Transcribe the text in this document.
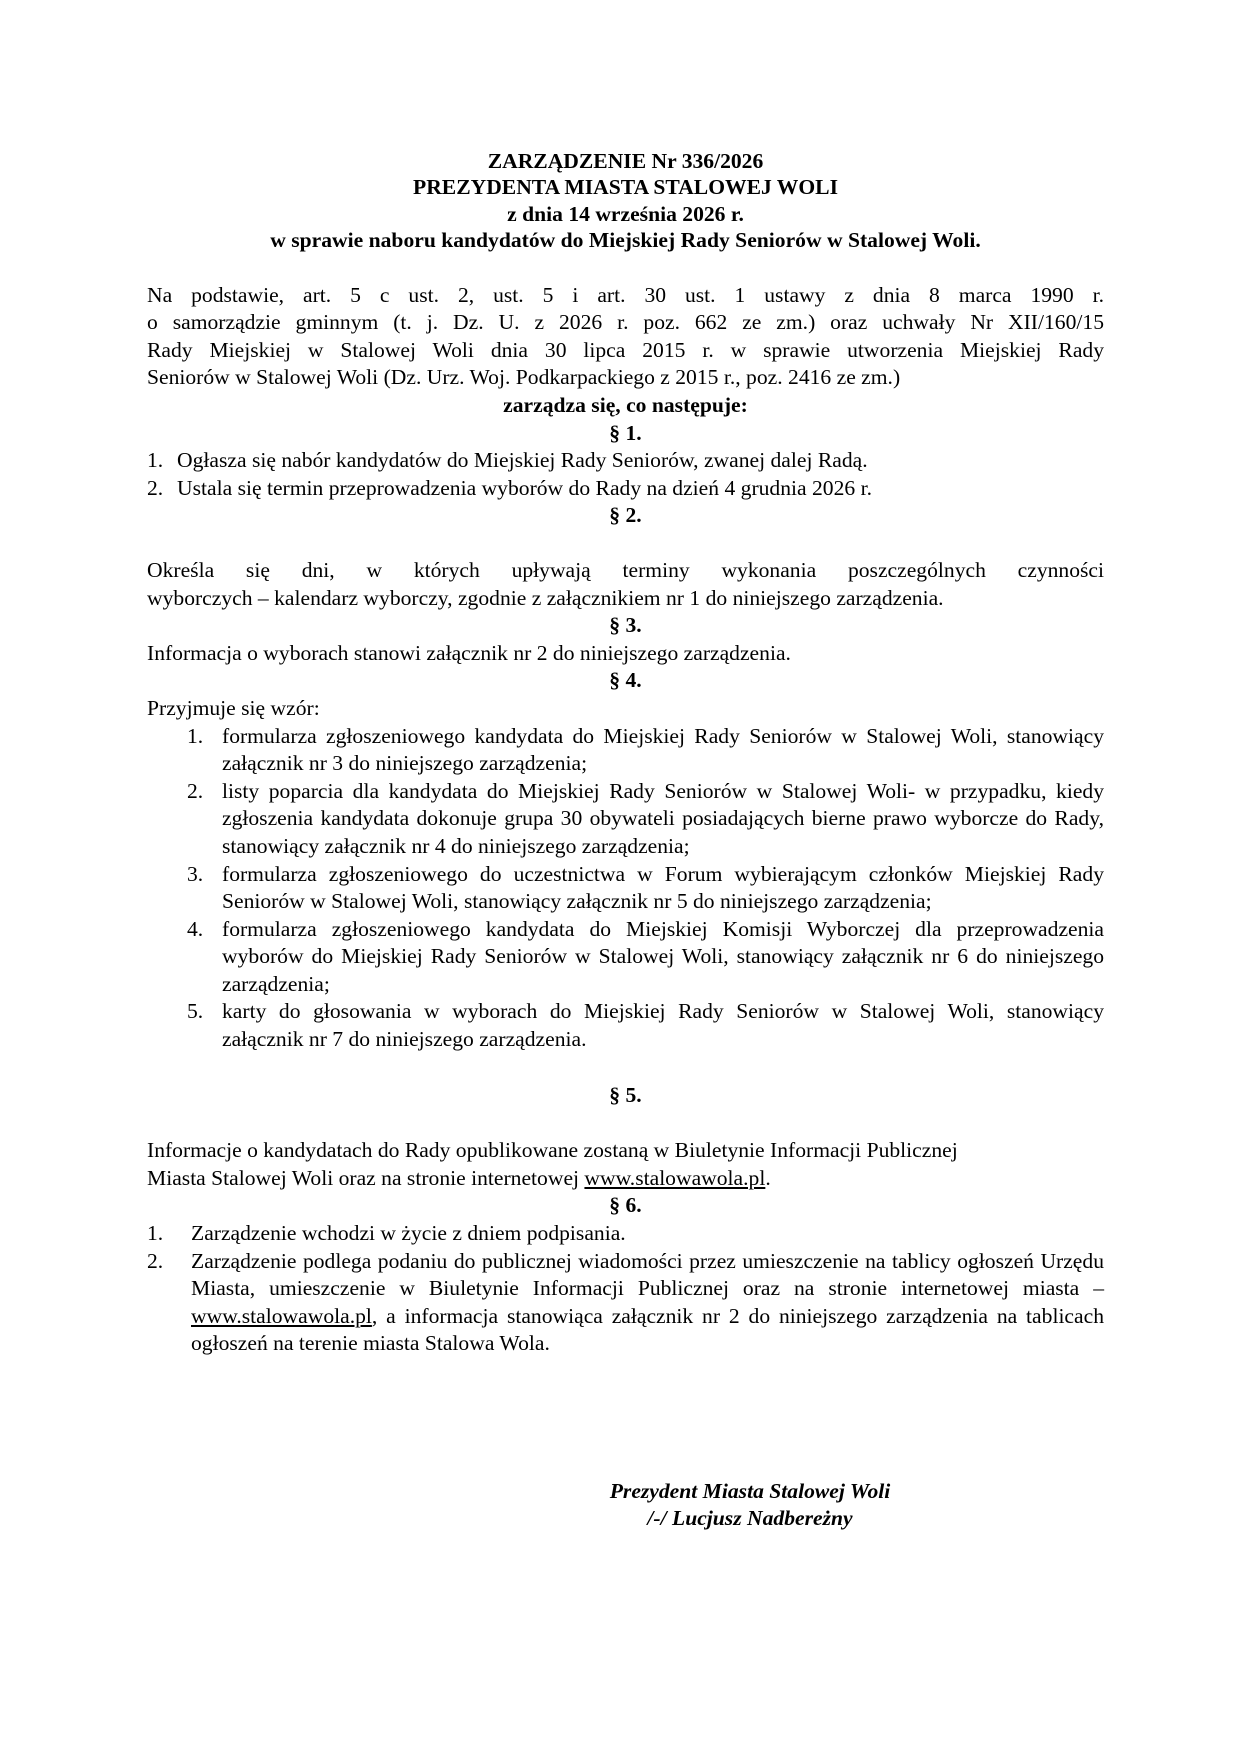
ZARZĄDZENIE Nr 336/2026
PREZYDENTA MIASTA STALOWEJ WOLI
z dnia 14 września 2026 r.
w sprawie naboru kandydatów do Miejskiej Rady Seniorów w Stalowej Woli.

Na podstawie, art. 5 c ust. 2, ust. 5 i art. 30 ust. 1 ustawy z dnia 8 marca 1990 r.

o samorządzie gminnym (t. j. Dz. U. z 2026 r. poz. 662 ze zm.) oraz uchwały Nr XII/160/15

Rady Miejskiej w Stalowej Woli dnia 30 lipca 2015 r. w sprawie utworzenia Miejskiej Rady

Seniorów w Stalowej Woli (Dz. Urz. Woj. Podkarpackiego z 2015 r., poz. 2416 ze zm.)

zarządza się, co następuje:
§ 1.
1. Ogłasza się nabór kandydatów do Miejskiej Rady Seniorów, zwanej dalej Radą.
2. Ustala się termin przeprowadzenia wyborów do Rady na dzień 4 grudnia 2026 r.
§ 2.

Określa się dni, w których upływają terminy wykonania poszczególnych czynności

wyborczych – kalendarz wyborczy, zgodnie z załącznikiem nr 1 do niniejszego zarządzenia.

§ 3.

Informacja o wyborach stanowi załącznik nr 2 do niniejszego zarządzenia.

§ 4.

Przyjmuje się wzór:

1. formularza zgłoszeniowego kandydata do Miejskiej Rady Seniorów w Stalowej Woli, stanowiący załącznik nr 3 do niniejszego zarządzenia;
2. listy poparcia dla kandydata do Miejskiej Rady Seniorów w Stalowej Woli- w przypadku, kiedy zgłoszenia kandydata dokonuje grupa 30 obywateli posiadających bierne prawo wyborcze do Rady, stanowiący załącznik nr 4 do niniejszego zarządzenia;
3. formularza zgłoszeniowego do uczestnictwa w Forum wybierającym członków Miejskiej Rady Seniorów w Stalowej Woli, stanowiący załącznik nr 5 do niniejszego zarządzenia;
4. formularza zgłoszeniowego kandydata do Miejskiej Komisji Wyborczej dla przeprowadzenia wyborów do Miejskiej Rady Seniorów w Stalowej Woli, stanowiący załącznik nr 6 do niniejszego zarządzenia;
5. karty do głosowania w wyborach do Miejskiej Rady Seniorów w Stalowej Woli, stanowiący załącznik nr 7 do niniejszego zarządzenia.
§ 5.

Informacje o kandydatach do Rady opublikowane zostaną w Biuletynie Informacji Publicznej

Miasta Stalowej Woli oraz na stronie internetowej www.stalowawola.pl.

§ 6.
1. Zarządzenie wchodzi w życie z dniem podpisania.
2. Zarządzenie podlega podaniu do publicznej wiadomości przez umieszczenie na tablicy ogłoszeń Urzędu Miasta, umieszczenie w Biuletynie Informacji Publicznej oraz na stronie internetowej miasta – www.stalowawola.pl, a informacja stanowiąca załącznik nr 2 do niniejszego zarządzenia na tablicach ogłoszeń na terenie miasta Stalowa Wola.
Prezydent Miasta Stalowej Woli
/-/ Lucjusz Nadbereżny
